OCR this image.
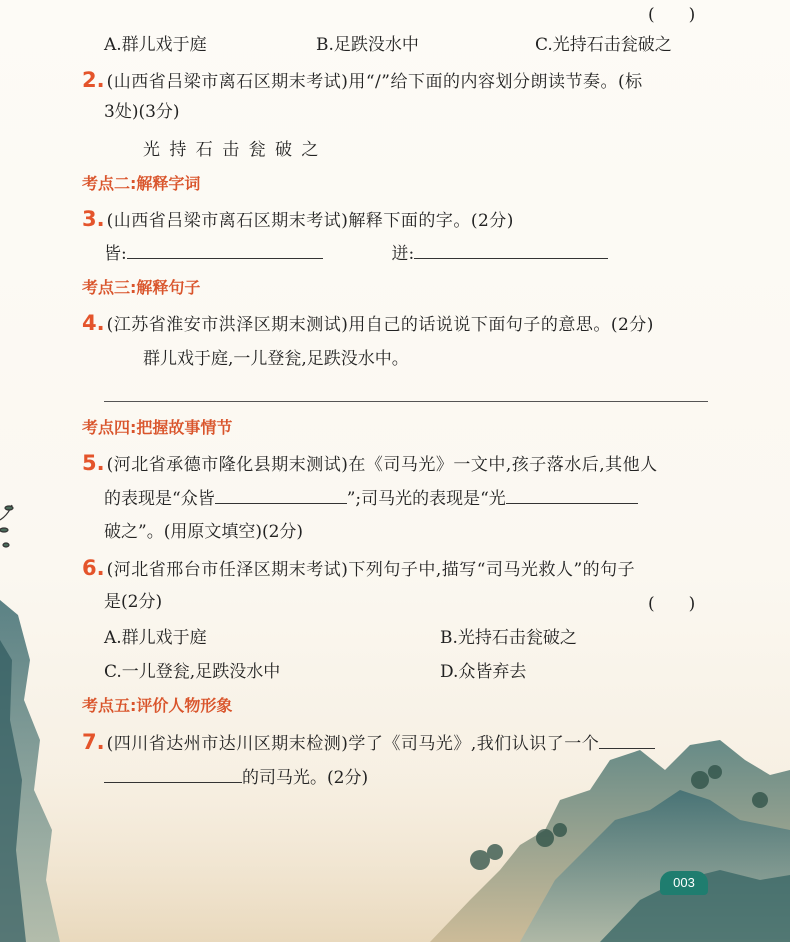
(　　)
A.群儿戏于庭	B.足跌没水中	C.光持石击瓮破之
2. (山西省吕梁市离石区期末考试)用“/”给下面的内容划分朗读节奏。(标
3处)(3分)
光 持 石 击 瓮 破 之
考点二:解释字词
3. (山西省吕梁市离石区期末考试)解释下面的字。(2分)
皆:	迸:
考点三:解释句子
4. (江苏省淮安市洪泽区期末测试)用自己的话说说下面句子的意思。(2分)
群儿戏于庭,一儿登瓮,足跌没水中。
考点四:把握故事情节
5. (河北省承德市隆化县期末测试)在《司马光》一文中,孩子落水后,其他人
的表现是“众皆	”;司马光的表现是“光
破之”。(用原文填空)(2分)
6. (河北省邢台市任泽区期末考试)下列句子中,描写“司马光救人”的句子
是(2分)	(　　)
A.群儿戏于庭	B.光持石击瓮破之
C.一儿登瓮,足跌没水中	D.众皆弃去
考点五:评价人物形象
7. (四川省达州市达川区期末检测)学了《司马光》,我们认识了一个
的司马光。(2分)
003
